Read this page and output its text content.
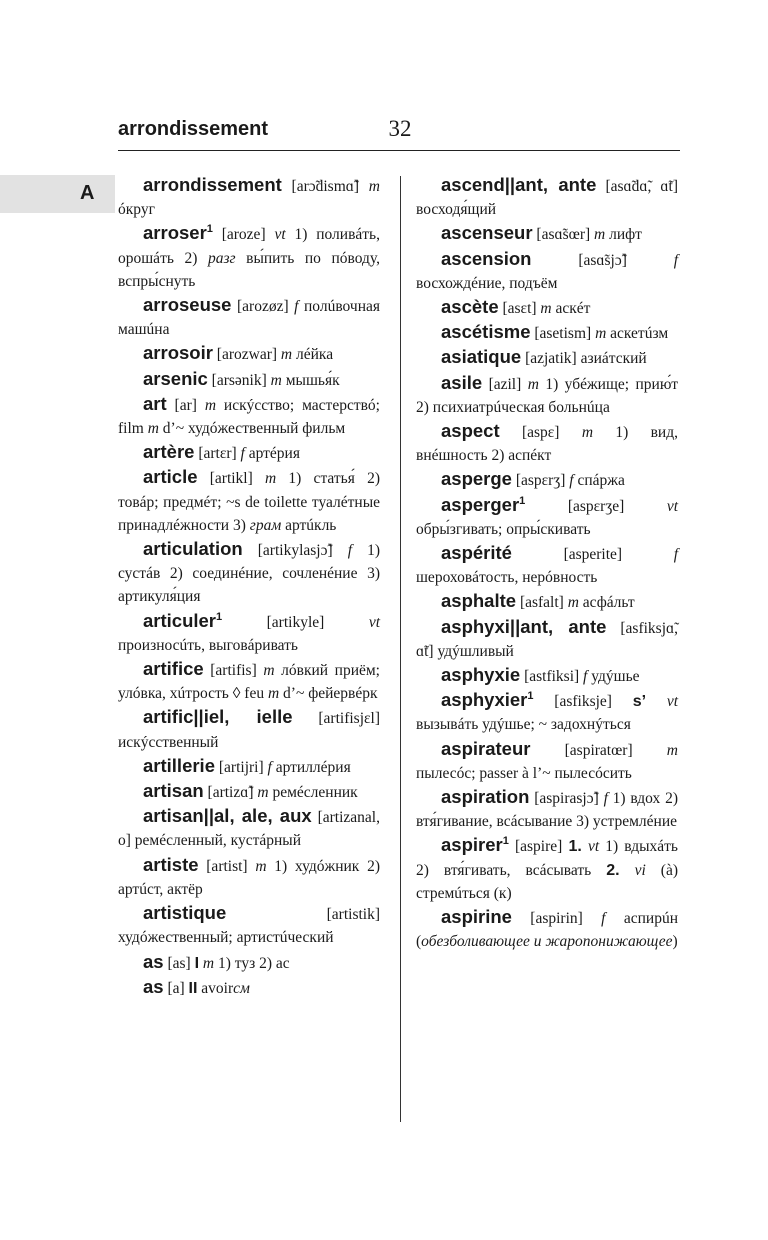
arrondissement	32
A	arrondissement [arɔ̃dismɑ̃] m óкруг

arroser$^1$ [aroze] vt 1) поливáть, орошáть 2) разг вы́пить по пóводу, вспры́снуть

arroseuse [arozøz] f полúвочная машúна

arrosoir [arozwar] m лéйка

arsenic [arsənik] m мышья́к

art [ar] m искýсство; мастерствó; film m d’~ худóжественный фильм

artère [artɛr] f артéрия

article [artikl] m 1) статья́ 2) товáр; предмéт; ~s de toilette туалéтные принадлéжности 3) грам артúкль

articulation [artikylasjɔ̃] f 1) сустáв 2) соединéние, сочленéние 3) артикуля́ция

articuler$^1$ [artikyle] vt произносúть, выговáривать

artifice [artifis] m лóвкий приём; улóвка, хúтрость ◊ feu m d’~ фейервéрк

artific||iel, ielle [artifisjɛl] искýсственный

artillerie [artijri] f артиллéрия

artisan [artizɑ̃] m ремéсленник

artisan||al, ale, aux [artizanal, o] ремéсленный, кустáрный

artiste [artist] m 1) худóжник 2) артúст, актёр

artistique [artistik] худóжественный; артистúческий

as [as] I m 1) туз 2) ас

as [a] II avoirсм

ascend||ant, ante [asɑ̃dɑ̃, ɑ̃t] восходя́щий

ascenseur [asɑ̃sœr] m лифт

ascension [asɑ̃sjɔ̃] f восхождéние, подъём

ascète [asɛt] m аскéт

ascétisme [asetism] m аскетúзм

asiatique [azjatik] азиáтский

asile [azil] m 1) убéжище; прию́т 2) психиатрúческая больнúца

aspect [aspɛ] m 1) вид, внéшность 2) аспéкт

asperge [aspɛrʒ] f спáржа

asperger$^1$ [aspɛrʒe] vt обры́згивать; опры́скивать

aspérité [asperite] f шероховáтость, нерóвность

asphalte [asfalt] m асфáльт

asphyxi||ant, ante [asfiksjɑ̃, ɑ̃t] удýшливый

asphyxie [astfiksi] f удýшье

asphyxier$^1$ [asfiksje] s’ vt вызывáть удýшье; ~ задохнýться

aspirateur [aspiratœr] m пылесóс; passer à l’~ пылесóсить

aspiration [aspirasjɔ̃] f 1) вдох 2) втя́гивание, всáсывание 3) устремлéние

aspirer$^1$ [aspire] 1. vt 1) вдыхáть 2) втя́гивать, всáсывать 2. vi (à) стремúться (к)

aspirine [aspirin] f аспирúн (обезболивающее и жаропонижающее)
